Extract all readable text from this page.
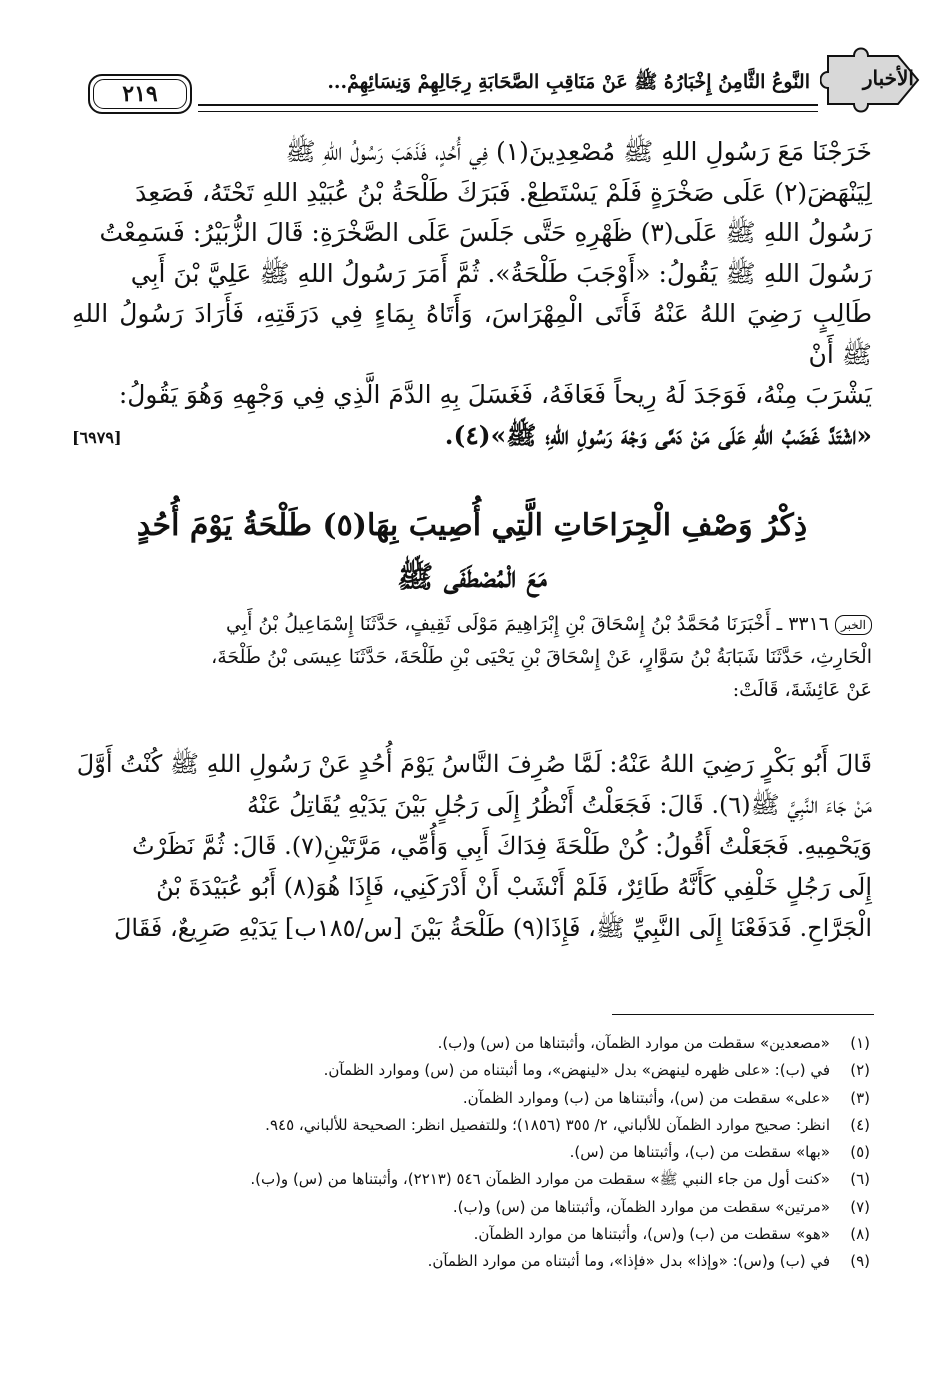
الأخبار
النَّوعُ الثَّامِنُ إِخْبَارُهُ ﷺ عَنْ مَنَاقِبِ الصَّحَابَةِ رِجَالِهِمْ وَنِسَائِهِمْ...
٢١٩

خَرَجْنَا مَعَ رَسُولِ اللهِ ﷺ مُصْعِدِينَ(١) فِي أُحُدٍ، فَذَهَبَ رَسُولُ اللهِ ﷺ

لِيَنْهَضَ(٢) عَلَى صَخْرَةٍ فَلَمْ يَسْتَطِعْ. فَبَرَكَ طَلْحَةُ بْنُ عُبَيْدِ اللهِ تَحْتَهُ، فَصَعِدَ

رَسُولُ اللهِ ﷺ عَلَى(٣) ظَهْرِهِ حَتَّى جَلَسَ عَلَى الصَّخْرَةِ: قَالَ الزُّبَيْرُ: فَسَمِعْتُ

رَسُولَ اللهِ ﷺ يَقُولُ: «أَوْجَبَ طَلْحَةُ». ثُمَّ أَمَرَ رَسُولُ اللهِ ﷺ عَلِيَّ بْنَ أَبِي

طَالِبٍ رَضِيَ اللهُ عَنْهُ فَأَتَى الْمِهْرَاسَ، وَأَتَاهُ بِمَاءٍ فِي دَرَقَتِهِ، فَأَرَادَ رَسُولُ اللهِ ﷺ أَنْ

يَشْرَبَ مِنْهُ، فَوَجَدَ لَهُ رِيحاً فَعَافَهُ، فَغَسَلَ بِهِ الدَّمَ الَّذِي فِي وَجْهِهِ وَهُوَ يَقُولُ:

«اشْتَدَّ غَضَبُ اللهِ عَلَى مَنْ دَمَّى وَجْهَ رَسُولِ اللهِ؛ ﷺ»(٤).

[٦٩٧٩]
ذِكْرُ وَصْفِ الْجِرَاحَاتِ الَّتِي أُصِيبَ بِهَا(٥) طَلْحَةُ يَوْمَ أُحُدٍ
مَعَ الْمُصْطَفَى ﷺ

الخبر٣٣١٦ ـ أَخْبَرَنَا مُحَمَّدُ بْنُ إِسْحَاقَ بْنِ إِبْرَاهِيمَ مَوْلَى ثَقِيفٍ، حَدَّثَنَا إِسْمَاعِيلُ بْنُ أَبِي

الْحَارِثِ، حَدَّثَنَا شَبَابَةُ بْنُ سَوَّارٍ، عَنْ إِسْحَاقَ بْنِ يَحْيَى بْنِ طَلْحَةَ، حَدَّثَنَا عِيسَى بْنُ طَلْحَةَ،

عَنْ عَائِشَةَ، قَالَتْ:

قَالَ أَبُو بَكْرٍ رَضِيَ اللهُ عَنْهُ: لَمَّا صُرِفَ النَّاسُ يَوْمَ أُحُدٍ عَنْ رَسُولِ اللهِ ﷺ كُنْتُ أَوَّلَ

مَنْ جَاءَ النَّبِيَّ ﷺ(٦). قَالَ: فَجَعَلْتُ أَنْظُرُ إِلَى رَجُلٍ بَيْنَ يَدَيْهِ يُقَاتِلُ عَنْهُ

وَيَحْمِيهِ. فَجَعَلْتُ أَقُولُ: كُنْ طَلْحَةَ فِدَاكَ أَبِي وَأُمِّي، مَرَّتَيْنِ(٧). قَالَ: ثُمَّ نَظَرْتُ

إِلَى رَجُلٍ خَلْفِي كَأَنَّهُ طَائِرٌ، فَلَمْ أَنْشَبْ أَنْ أَدْرَكَنِي، فَإِذَا هُوَ(٨) أَبُو عُبَيْدَةَ بْنُ

الْجَرَّاحِ. فَدَفَعْنَا إِلَى النَّبِيِّ ﷺ، فَإِذَا(٩) طَلْحَةُ بَيْنَ [س/١٨٥ب] يَدَيْهِ صَرِيعٌ، فَقَالَ

(١)
«مصعدين» سقطت من موارد الظمآن، وأثبتناها من (س) و(ب).
(٢)
في (ب): «على ظهره لينهض» بدل «لينهض»، وما أثبتناه من (س) وموارد الظمآن.
(٣)
«على» سقطت من (س)، وأثبتناها من (ب) وموارد الظمآن.
(٤)
انظر: صحيح موارد الظمآن للألباني، ٢/ ٣٥٥ (١٨٥٦)؛ وللتفصيل انظر: الصحيحة للألباني، ٩٤٥.
(٥)
«بها» سقطت من (ب)، وأثبتناها من (س).
(٦)
«كنت أول من جاء النبي ﷺ» سقطت من موارد الظمآن ٥٤٦ (٢٢١٣)، وأثبتناها من (س) و(ب).
(٧)
«مرتين» سقطت من موارد الظمآن، وأثبتناها من (س) و(ب).
(٨)
«هو» سقطت من (ب) و(س)، وأثبتناها من موارد الظمآن.
(٩)
في (ب) و(س): «وإذا» بدل «فإذا»، وما أثبتناه من موارد الظمآن.
